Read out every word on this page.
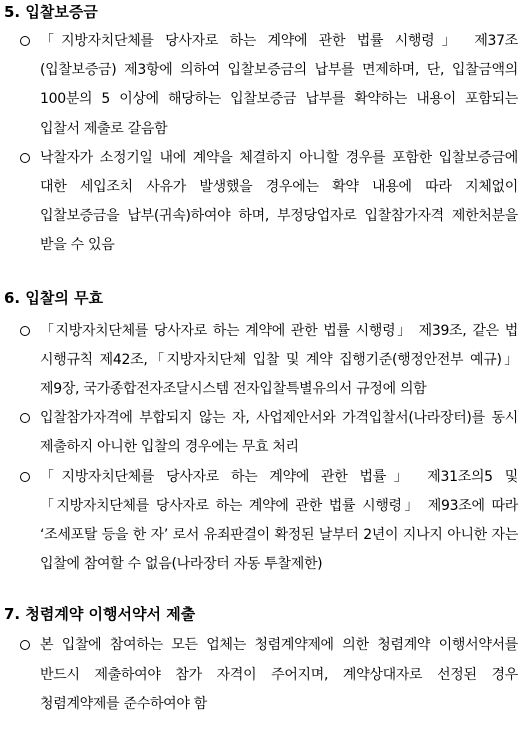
5. 입찰보증금
「지방자치단체를 당사자로 하는 계약에 관한 법률 시행령」 제37조(입찰보증금) 제3항에 의하여 입찰보증금의 납부를 면제하며, 단, 입찰금액의 100분의 5 이상에 해당하는 입찰보증금 납부를 확약하는 내용이 포함되는 입찰서 제출로 갈음함
낙찰자가 소정기일 내에 계약을 체결하지 아니할 경우를 포함한 입찰보증금에 대한 세입조치 사유가 발생했을 경우에는 확약 내용에 따라 지체없이 입찰보증금을 납부(귀속)하여야 하며, 부정당업자로 입찰참가자격 제한처분을 받을 수 있음
6. 입찰의 무효
「지방자치단체를 당사자로 하는 계약에 관한 법률 시행령」 제39조, 같은 법 시행규칙 제42조,「지방자치단체 입찰 및 계약 집행기준(행정안전부 예규)」 제9장, 국가종합전자조달시스템 전자입찰특별유의서 규정에 의함
입찰참가자격에 부합되지 않는 자, 사업제안서와 가격입찰서(나라장터)를 동시 제출하지 아니한 입찰의 경우에는 무효 처리
「지방자치단체를 당사자로 하는 계약에 관한 법률」 제31조의5 및 「지방자치단체를 당사자로 하는 계약에 관한 법률 시행령」 제93조에 따라 ‘조세포탈 등을 한 자’ 로서 유죄판결이 확정된 날부터 2년이 지나지 아니한 자는 입찰에 참여할 수 없음(나라장터 자동 투찰제한)
7. 청렴계약 이행서약서 제출
본 입찰에 참여하는 모든 업체는 청렴계약제에 의한 청렴계약 이행서약서를 반드시 제출하여야 참가 자격이 주어지며, 계약상대자로 선정된 경우 청렴계약제를 준수하여야 함
